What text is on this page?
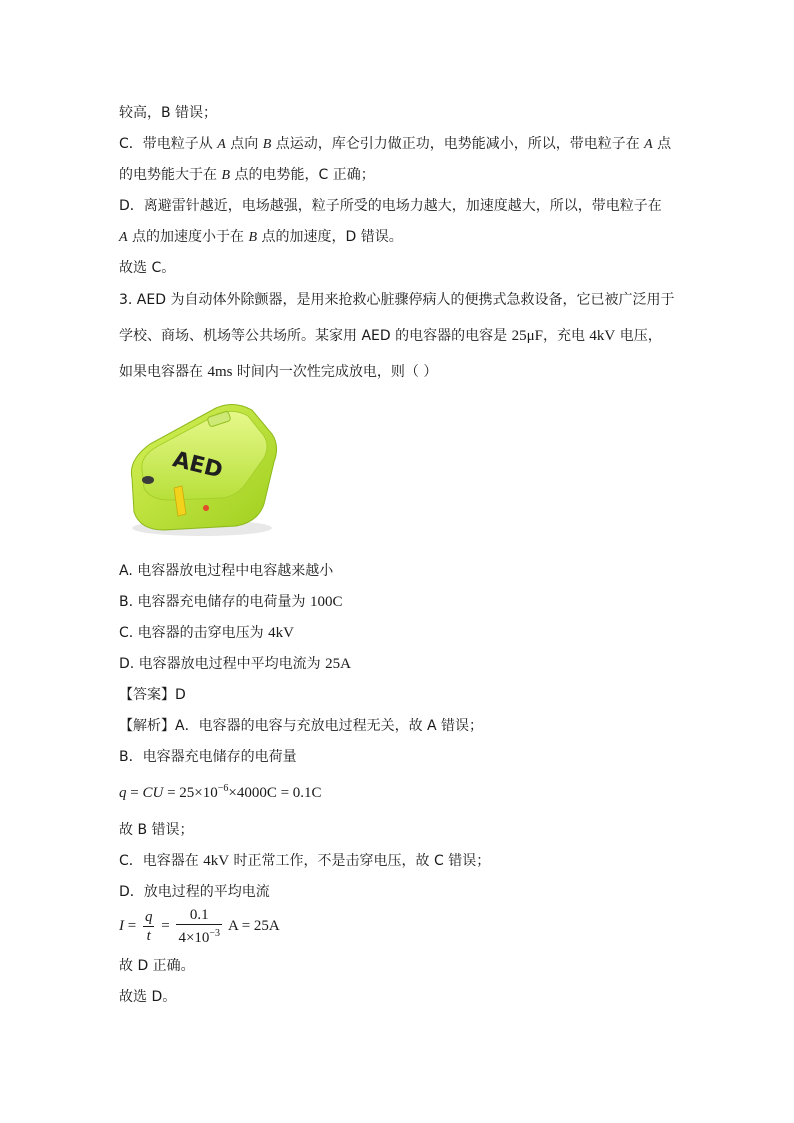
较高，B 错误；
C．带电粒子从 A 点向 B 点运动，库仑引力做正功，电势能减小，所以，带电粒子在 A 点
的电势能大于在 B 点的电势能，C 正确；
D．离避雷针越近，电场越强，粒子所受的电场力越大，加速度越大，所以，带电粒子在
A 点的加速度小于在 B 点的加速度，D 错误。
故选 C。
3. AED 为自动体外除颤器，是用来抢救心脏骤停病人的便携式急救设备，它已被广泛用于
学校、商场、机场等公共场所。某家用 AED 的电容器的电容是 25μF，充电 4kV 电压，
如果电容器在 4ms 时间内一次性完成放电，则（ ）
AED
A. 电容器放电过程中电容越来越小
B. 电容器充电储存的电荷量为 100C
C. 电容器的击穿电压为 4kV
D. 电容器放电过程中平均电流为 25A
【答案】D
【解析】A．电容器的电容与充放电过程无关，故 A 错误；
B．电容器充电储存的电荷量
q = CU = $25\times 10^{-6}\times 4000C = 0.1C$
故 B 错误；
C．电容器在 4kV 时正常工作，不是击穿电压，故 C 错误；
D．放电过程的平均电流
$I = \frac{q}{t} = \frac{0.1}{4\times 10^{-3}}$ A = 25A
故 D 正确。
故选 D。
